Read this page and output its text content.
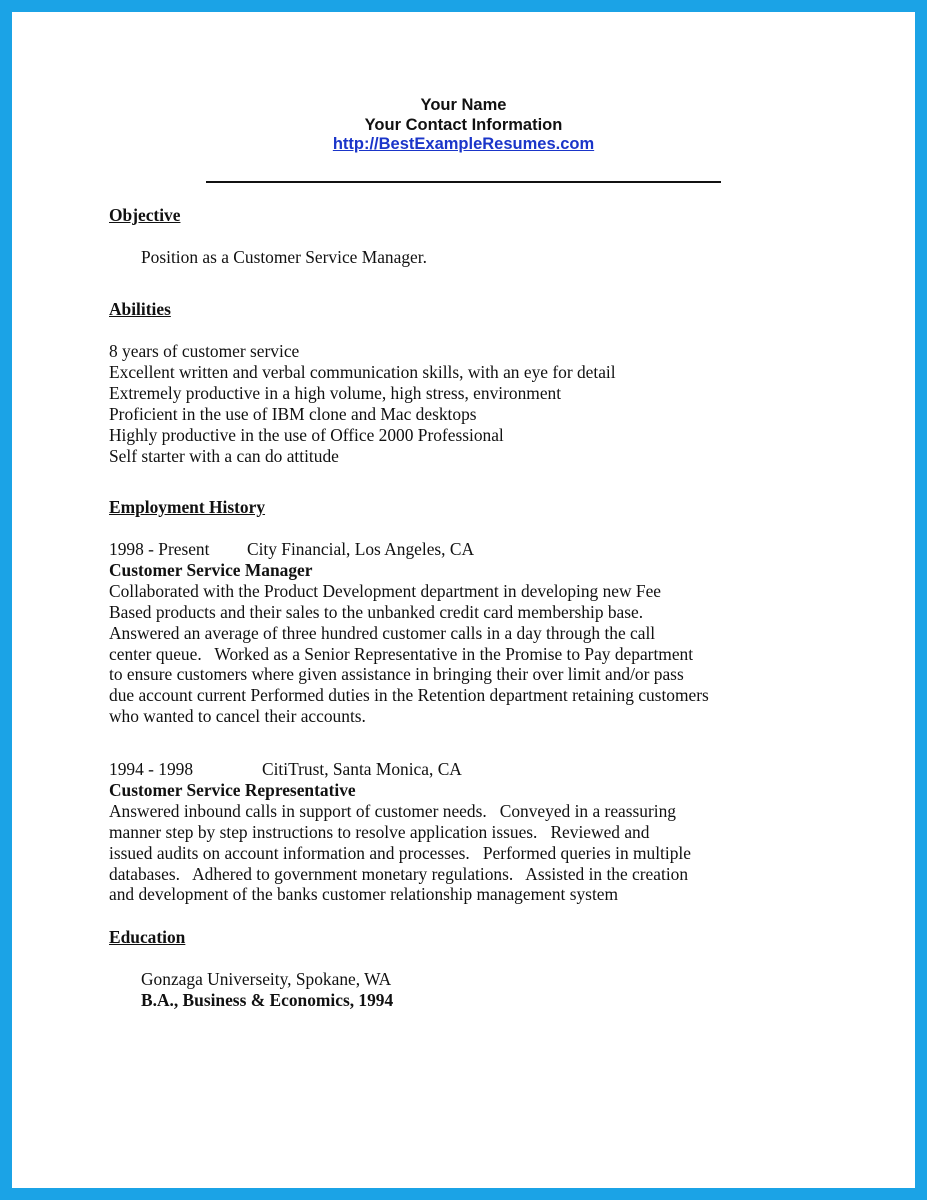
Your Name
Your Contact Information
http://BestExampleResumes.com
Objective
Position as a Customer Service Manager.
Abilities
8 years of customer service
Excellent written and verbal communication skills, with an eye for detail
Extremely productive in a high volume, high stress, environment
Proficient in the use of IBM clone and Mac desktops
Highly productive in the use of Office 2000 Professional
Self starter with a can do attitude
Employment History
1998 - Present City Financial, Los Angeles, CA
Customer Service Manager
Collaborated with the Product Development department in developing new Fee
Based products and their sales to the unbanked credit card membership base.
Answered an average of three hundred customer calls in a day through the call
center queue.   Worked as a Senior Representative in the Promise to Pay department
to ensure customers where given assistance in bringing their over limit and/or pass
due account current Performed duties in the Retention department retaining customers
who wanted to cancel their accounts.
1994 - 1998	CitiTrust, Santa Monica, CA
Customer Service Representative
Answered inbound calls in support of customer needs.   Conveyed in a reassuring
manner step by step instructions to resolve application issues.   Reviewed and
issued audits on account information and processes.   Performed queries in multiple
databases.   Adhered to government monetary regulations.   Assisted in the creation
and development of the banks customer relationship management system
Education
Gonzaga Universeity, Spokane, WA
B.A., Business & Economics, 1994
